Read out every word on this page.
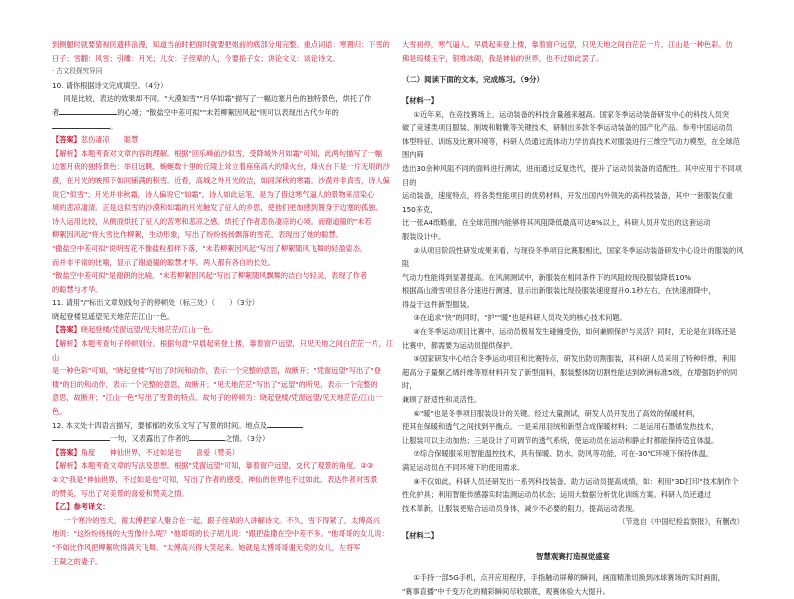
到侧腿时就要猜视民遗移浪漫，知道当前时把面时就要把姐前的底部分用完整。重点词语：寒置归：下雪的

日子；雪翻：风雪；引雕：月光；儿女：子侄辈的人，今要指子女；讲论文义：谈论诗文。

· 古文段探究异同

10. 请你根据诗文完成填空。（4分）

同是比较，表达的效果却不同。"大漠如雪""月华如霜"描写了一幅边塞月色的独特景色，烘托了作

者	的心境；"散盐空中差可拟""未若柳絮因风起"则可以表现出古代少年的

。

【答案】悲伤凄凉　　聪慧

【解析】本题考查对文章内容的理解。根据"回乐峰前沙似雪，受降城外月如霜"可知，此两句描写了一幅

边塞月夜的独特景色：举目远眺，蜿蜒数十里的丘陵上耸立着座座高大的烽火台，烽火台下是一片无垠的沙

漠，在月光的映照下如同铺满的积雪。近看，高城之外月光皎洁，如同深秋的寒霜。沙漠并非真雪，诗人偏

说它"似雪"；月光并非秋霜，诗人偏说它"如霜"，诗人如此运笔，是为了借这寒气逼人的景物来渲染心

境的悲凉凄清。正是这似雪的沙漠和如霜的月光触发了征人的乡思，使他们更加感到置身于边塞的孤独。

诗人运用比较，从侧面烘托了征人的苦寒和悲凉之感。烘托了作者悲伤凄凉的心境。而谢道韫的"未若

柳絮因风起"将大雪比作柳絮，生动形象，写出了纷纷扬扬飘落的雪花，表现出了她的聪慧。

"撒盐空中差可拟"说明雪花不像盐粒那样下落，"未若柳絮因风起"写出了柳絮随风飞舞的轻盈姿态，

而并非平常的比喻，显示了谢道韫的聪慧才华。两人都有各自的长处。

"散盐空中差可拟"是谢朗的比喻，"未若柳絮因风起"写出了柳絮随风飘舞的洁白与轻灵，表现了作者

的聪慧与才华。

11. 请用"/"标出文章划线句子的停顿处（标三处）（　　）（3分）

晓起登楼見遥望见天地茫茫江山一色。

【答案】晓起登楼/凭窗远望/见天地茫茫/江山一色。

【解析】本题考查句子停顿划分。根据句意"早晨起来登上楼，靠着窗户远望，只见天地之间白茫茫一片，江山

是一种色彩"可知，"晓起登楼"写出了时间和动作，表示一个完整的意思，故断开；"凭窗远望"写出了"登

楼"的目的和动作，表示一个完整的意思，故断开；"见天地茫茫"写出了"远望"的所见，表示一个完整的

意思，故断开；"江山一色"写出了雪景的特点。故句子的停顿为：晓起登楼/凭窗远望/见天地茫茫/江山一色。

12. 本文处十四语言描写，要郁郁的欢乐文写了写景的时间。地点及

一句，又表露出了作者的	之情。（3分）

【答案】角度　　神仙世界，不过如是也　　喜爱（赞美）

【解析】本题考查文章的写法及思想。根据"凭窗远望"可知，靠着窗户远望，交代了观景的角度。②③

②文"我是"神仙世界，不过如是也"可知，写出了作者的感受，神仙的世界也不过如此。表达作者对雪景

的赞美。写出了对美景的喜爱和赞美之情。

【乙】参考译文：

一个寒冷的雪天，谢太傅把家人聚合在一起，跟子侄辈的人讲解诗文。不久，雪下得紧了，太傅高兴

地说："这纷纷扬扬的大雪像什么呢？"他哥哥的长子胡儿说："跟把盐撒在空中差不多。"他哥哥的女儿说：

"不如比作风把柳絮吹得满天飞舞。"太傅高兴得大笑起来。她就是太傅哥哥谢无奕的女儿，左将军

王凝之的妻子。

大雪初停，寒气逼人。早晨起来登上楼，靠着窗户远望，只见天地之间白茫茫一片，江山是一种色彩。仿

佛是琼楼玉宇，银堆冰砌，我是神仙的世界，也不过如此罢了。

（二）阅读下面的文本，完成练习。（9分）

【材料一】

①近年来，在竞技赛场上，运动装备的科技含量越来越高。国家冬季运动装备研发中心的科技人员突

破了竞速类项目服装、制坡和鞋靴等关键技术，研制出多款冬季运动装备的国产化产品。参考中国运动员

体型特征、训练及比赛环境等，科研人员通过流体动力学仿真技术对服装进行三维空气动力模型，在全球范围内筛

选出30余种风阻不同的面料进行测试，进而通过反复迭代，提升了运动员装备的适配性。其中应用于不同项目的

运动装备，速度特点，将各类性能项目的优势材料，开发出国内外领先的高科技装备，其中一套服装仅重150多克，

比一张A4纸略重，在全球范围内能够将其风阻降低最高可达8%以上，科研人员开发出的这套运动

服装设计中。

②从项目阶段性研发成果来看，与现役冬季项目比赛服相比，国家冬季运动装备研发中心设计的服装的风阻

气动力性能得到显著提高。在风洞测试中，新服装在相同条件下的风阻较现役服装降低10%

根据高山滑雪项目各分速进行测速，显示出新服装比现役服装速度提升0.1秒左右，在快速滑降中，

得益于这件新型服装。

③在追求"快"的同时，"护""暖"也是科研人员攻关的核心技术问题。

④在冬季运动项目比赛中，运动员极易发生碰撞受伤，如何兼顾保护与灵活？同时，无论是在训练还是

比赛中，都需要为运动员提供保护。

⑤国家研发中心结合冬季运动项目和比赛特点，研发出防切割服装，其科研人员采用了特种纤维，利用

超高分子量聚乙烯纤维等原材料开发了新型面料，服装整体防切割性能达到欧洲标准5级，在增强防护的同时，

兼顾了舒适性和灵活性。

⑥"暖"也是冬季项目服装设计的关键。经过大量测试，研发人员开发出了高效的保暖材料，

使其在保暖和透气之间找到平衡点。一是采用羽绒和新型合成保暖材料；二是运用石墨烯发热技术，

让服装可以主动加热；三是设计了可调节的透气系统，使运动员在运动和静止时都能保持适宜体温。

⑦综合保暖服采用智能温控技术，具有保暖、防水、防风等功能，可在-30℃环境下保持体温，

满足运动员在不同环境下的使用需求。

⑧不仅如此，科研人员还研发出一系列科技装备，助力运动员提高成绩，如：利用"3D打印"技术制作个

性化护具；利用智能传感器实时监测运动员状态；运用大数据分析优化训练方案。科研人员还通过

技术革新，让服装更贴合运动员身体，减少不必要的阻力，提高运动表现。

（节选自《中国纪检监察报》，有删改）

【材料二】

智慧观赛打造视觉盛宴

①手持一部5G手机，点开应用程序，手指触动屏幕的瞬间，画面精准切换到冰球赛场的实时画面，

"赛事直播"中千变万化的精彩瞬间尽收眼底，观赛体验大大提升。
